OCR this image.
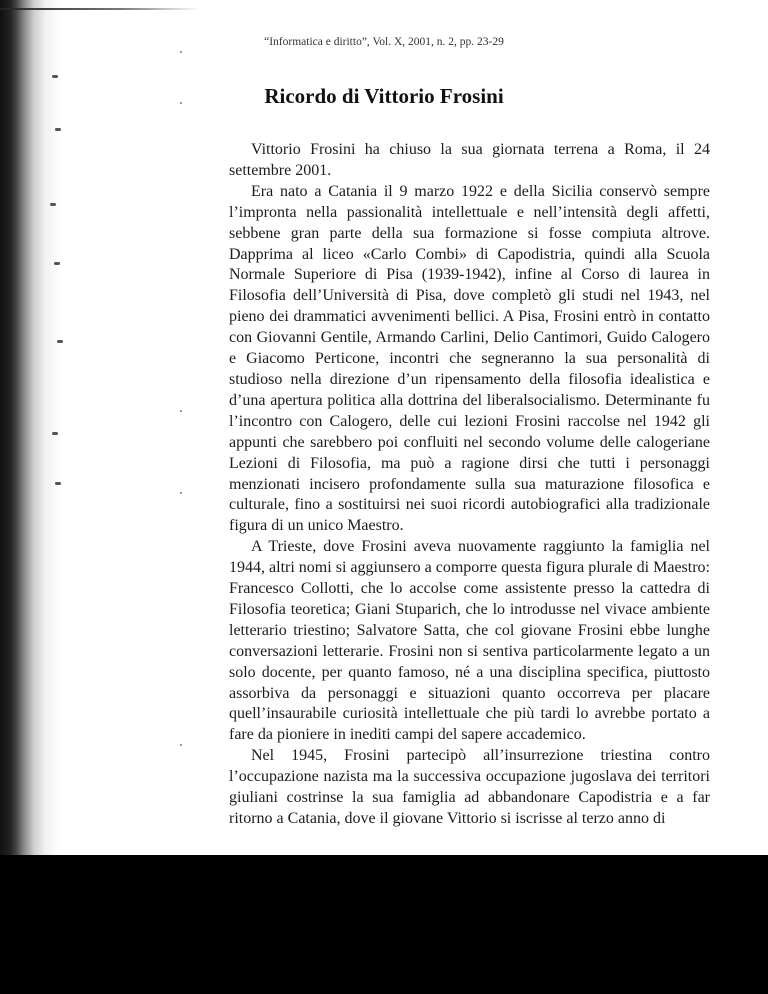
“Informatica e diritto”, Vol. X, 2001, n. 2, pp. 23-29
Ricordo di Vittorio Frosini

Vittorio Frosini ha chiuso la sua giornata terrena a Roma, il 24 settembre 2001.

Era nato a Catania il 9 marzo 1922 e della Sicilia conservò sempre l’impronta nella passionalità intellettuale e nell’intensità degli affetti, sebbene gran parte della sua formazione si fosse compiuta altrove. Dapprima al liceo «Carlo Combi» di Capodistria, quindi alla Scuola Normale Superiore di Pisa (1939-1942), infine al Corso di laurea in Filosofia dell’Università di Pisa, dove completò gli studi nel 1943, nel pieno dei drammatici avvenimenti bellici. A Pisa, Frosini entrò in contatto con Giovanni Gentile, Armando Carlini, Delio Cantimori, Guido Calogero e Giacomo Perticone, incontri che segneranno la sua personalità di studioso nella direzione d’un ripensamento della filosofia idealistica e d’una apertura politica alla dottrina del liberalsocialismo. Determinante fu l’incontro con Calogero, delle cui lezioni Frosini raccolse nel 1942 gli appunti che sarebbero poi confluiti nel secondo volume delle calogeriane Lezioni di Filosofia, ma può a ragione dirsi che tutti i personaggi menzionati incisero profondamente sulla sua maturazione filosofica e culturale, fino a sostituirsi nei suoi ricordi autobiografici alla tradizionale figura di un unico Maestro.

A Trieste, dove Frosini aveva nuovamente raggiunto la famiglia nel 1944, altri nomi si aggiunsero a comporre questa figura plurale di Maestro: Francesco Collotti, che lo accolse come assistente presso la cattedra di Filosofia teoretica; Giani Stuparich, che lo introdusse nel vivace ambiente letterario triestino; Salvatore Satta, che col giovane Frosini ebbe lunghe conversazioni letterarie. Frosini non si sentiva particolarmente legato a un solo docente, per quanto famoso, né a una disciplina specifica, piuttosto assorbiva da personaggi e situazioni quanto occorreva per placare quell’insaurabile curiosità intellettuale che più tardi lo avrebbe portato a fare da pioniere in inediti campi del sapere accademico.

Nel 1945, Frosini partecipò all’insurrezione triestina contro l’occupazione nazista ma la successiva occupazione jugoslava dei territori giuliani costrinse la sua famiglia ad abbandonare Capodistria e a far ritorno a Catania, dove il giovane Vittorio si iscrisse al terzo anno di
